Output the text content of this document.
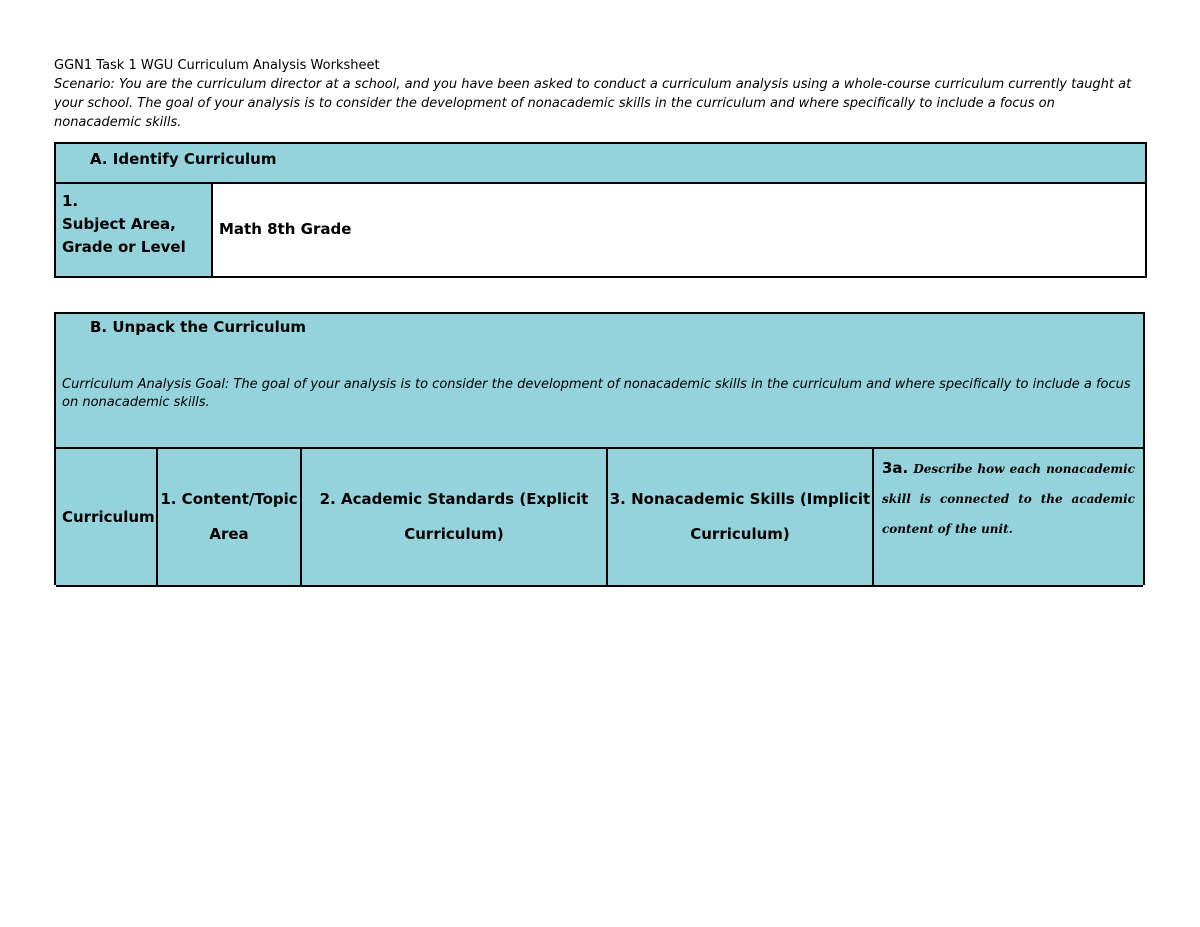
GGN1 Task 1 WGU Curriculum Analysis Worksheet
Scenario: You are the curriculum director at a school, and you have been asked to conduct a curriculum analysis using a whole-course curriculum currently taught at your school. The goal of your analysis is to consider the development of nonacademic skills in the curriculum and where specifically to include a focus on nonacademic skills.
A. Identify Curriculum
1.
Subject Area,
Grade or Level
Math 8th Grade
B. Unpack the Curriculum
Curriculum Analysis Goal: The goal of your analysis is to consider the development of nonacademic skills in the curriculum and where specifically to include a focus on nonacademic skills.
Curriculum
1. Content/Topic Area
2. Academic Standards (Explicit Curriculum)
3. Nonacademic Skills (Implicit Curriculum)
3a. Describe how each nonacademic skill is connected to the academic content of the unit.
